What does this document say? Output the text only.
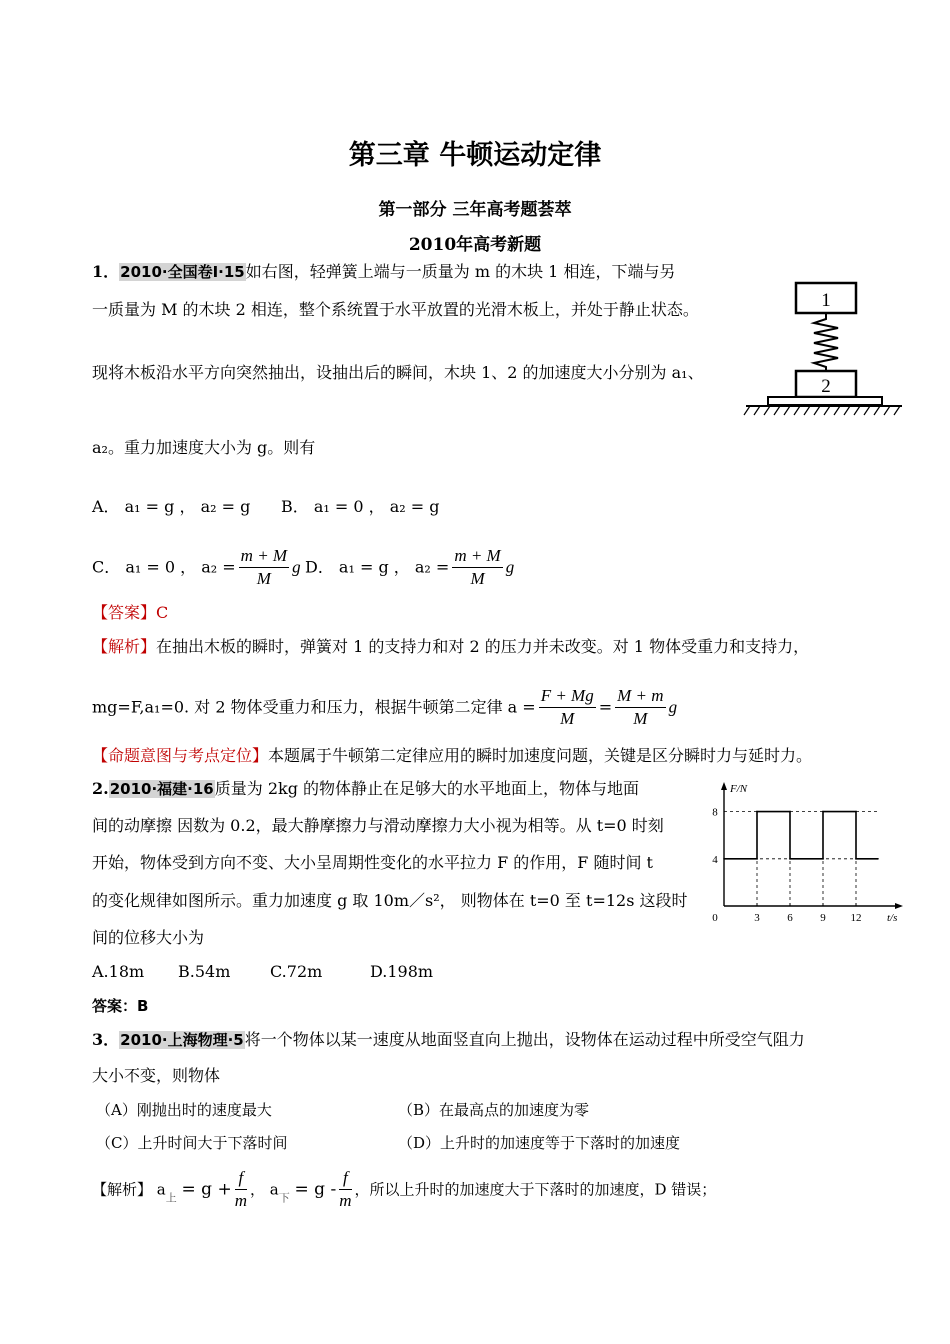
第三章 牛顿运动定律
第一部分 三年高考题荟萃
2010年高考新题
1．2010·全国卷Ⅰ·15如右图，轻弹簧上端与一质量为 m 的木块 1 相连，下端与另
一质量为 M 的木块 2 相连，整个系统置于水平放置的光滑木板上，并处于静止状态。
现将木板沿水平方向突然抽出，设抽出后的瞬间，木块 1、2 的加速度大小分别为 a₁、
a₂。重力加速度大小为 g。则有
1
2
A． a₁ = g ， a₂ = g B． a₁ = 0 ， a₂ = g
C． a₁ = 0 ， $a_2 = \frac{m + M}{M}$ g D． a₁ = g ， $a_2 = \frac{m + M}{M}$ g
【答案】C
【解析】在抽出木板的瞬时，弹簧对 1 的支持力和对 2 的压力并未改变。对 1 物体受重力和支持力，
mg=F,a₁=0. 对 2 物体受重力和压力，根据牛顿第二定律 $a = \frac{F + Mg}{M} = \frac{M + m}{M}$ g
【命题意图与考点定位】本题属于牛顿第二定律应用的瞬时加速度问题，关键是区分瞬时力与延时力。
2.2010·福建·16质量为 2kg 的物体静止在足够大的水平地面上，物体与地面
间的动摩擦 因数为 0.2，最大静摩擦力与滑动摩擦力大小视为相等。从 t=0 时刻
开始，物体受到方向不变、大小呈周期性变化的水平拉力 F 的作用，F 随时间 t
的变化规律如图所示。重力加速度 g 取 10m／s²， 则物体在 t=0 至 t=12s 这段时
间的位移大小为
F/N
t/s
0	3	6	9 12
4
8
A.18m B.54m C.72m	D.198m
答案：B
3．2010·上海物理·5将一个物体以某一速度从地面竖直向上抛出，设物体在运动过程中所受空气阻力
大小不变，则物体
（A）刚抛出时的速度最大	（B）在最高点的加速度为零
（C）上升时间大于下落时间	（D）上升时的加速度等于下落时的加速度
【解析】 $a_上 = g + \frac{f}{m}$ ， $a_下 = g - \frac{f}{m}$ ，所以上升时的加速度大于下落时的加速度，D 错误；
